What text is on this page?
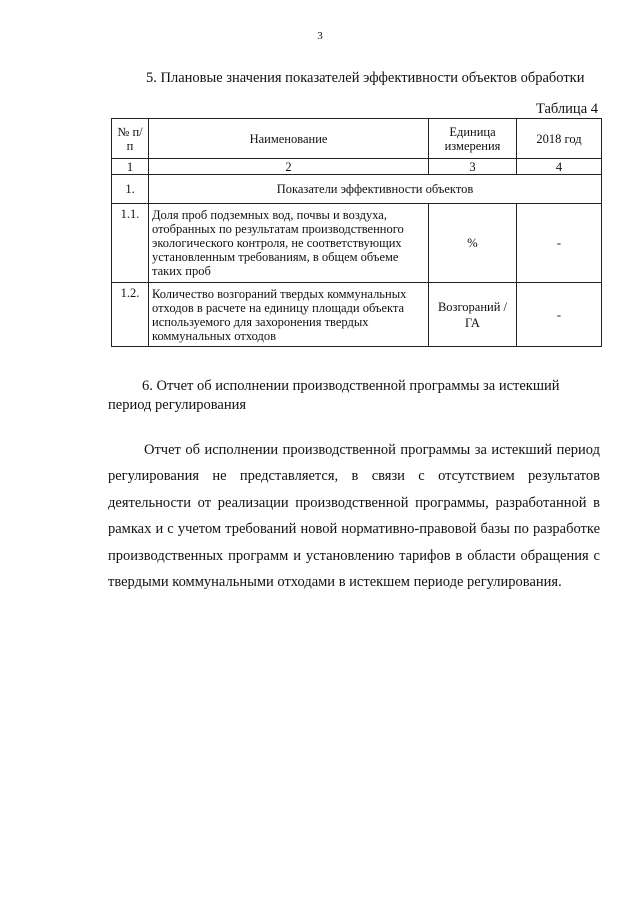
3
5. Плановые значения показателей эффективности объектов обработки
Таблица 4
№ п/п	Наименование	Единица измерения	2018 год
1	2	3	4
1.	Показатели эффективности объектов		
1.1.	Доля проб подземных вод, почвы и воздуха, отобранных по результатам производственного экологического контроля, не соответствующих установленным требованиям, в общем объеме таких проб	%	-
1.2.	Количество возгораний твердых коммунальных отходов в расчете на единицу площади объекта используемого для захоронения твердых коммунальных отходов	Возгораний /ГА	-
6. Отчет об исполнении производственной программы за истекший период регулирования
Отчет об исполнении производственной программы за истекший период регулирования не представляется, в связи с отсутствием результатов деятельности от реализации производственной программы, разработанной в рамках и с учетом требований новой нормативно-правовой базы по разработке производственных программ и установлению тарифов в области обращения с твердыми коммунальными отходами в истекшем периоде регулирования.
